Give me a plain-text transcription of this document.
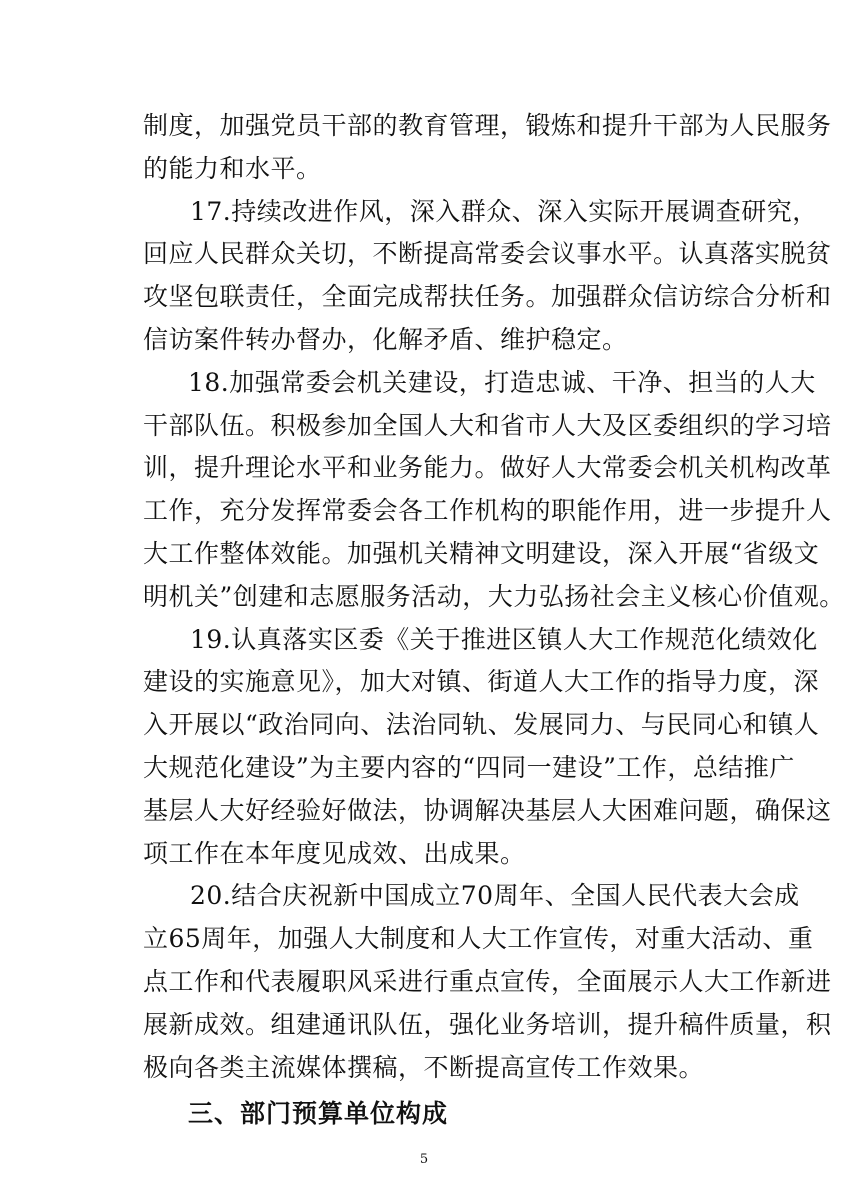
制度，加强党员干部的教育管理，锻炼和提升干部为人民服务
的能力和水平。
17.持续改进作风，深入群众、深入实际开展调查研究，
回应人民群众关切，不断提高常委会议事水平。认真落实脱贫
攻坚包联责任，全面完成帮扶任务。加强群众信访综合分析和
信访案件转办督办，化解矛盾、维护稳定。
18.加强常委会机关建设，打造忠诚、干净、担当的人大
干部队伍。积极参加全国人大和省市人大及区委组织的学习培
训，提升理论水平和业务能力。做好人大常委会机关机构改革
工作，充分发挥常委会各工作机构的职能作用，进一步提升人
大工作整体效能。加强机关精神文明建设，深入开展“省级文
明机关”创建和志愿服务活动，大力弘扬社会主义核心价值观。
19.认真落实区委《关于推进区镇人大工作规范化绩效化
建设的实施意见》，加大对镇、街道人大工作的指导力度，深
入开展以“政治同向、法治同轨、发展同力、与民同心和镇人
大规范化建设”为主要内容的“四同一建设”工作，总结推广
基层人大好经验好做法，协调解决基层人大困难问题，确保这
项工作在本年度见成效、出成果。
20.结合庆祝新中国成立70周年、全国人民代表大会成
立65周年，加强人大制度和人大工作宣传，对重大活动、重
点工作和代表履职风采进行重点宣传，全面展示人大工作新进
展新成效。组建通讯队伍，强化业务培训，提升稿件质量，积
三、部门预算单位构成
5
极向各类主流媒体撰稿，不断提高宣传工作效果。
